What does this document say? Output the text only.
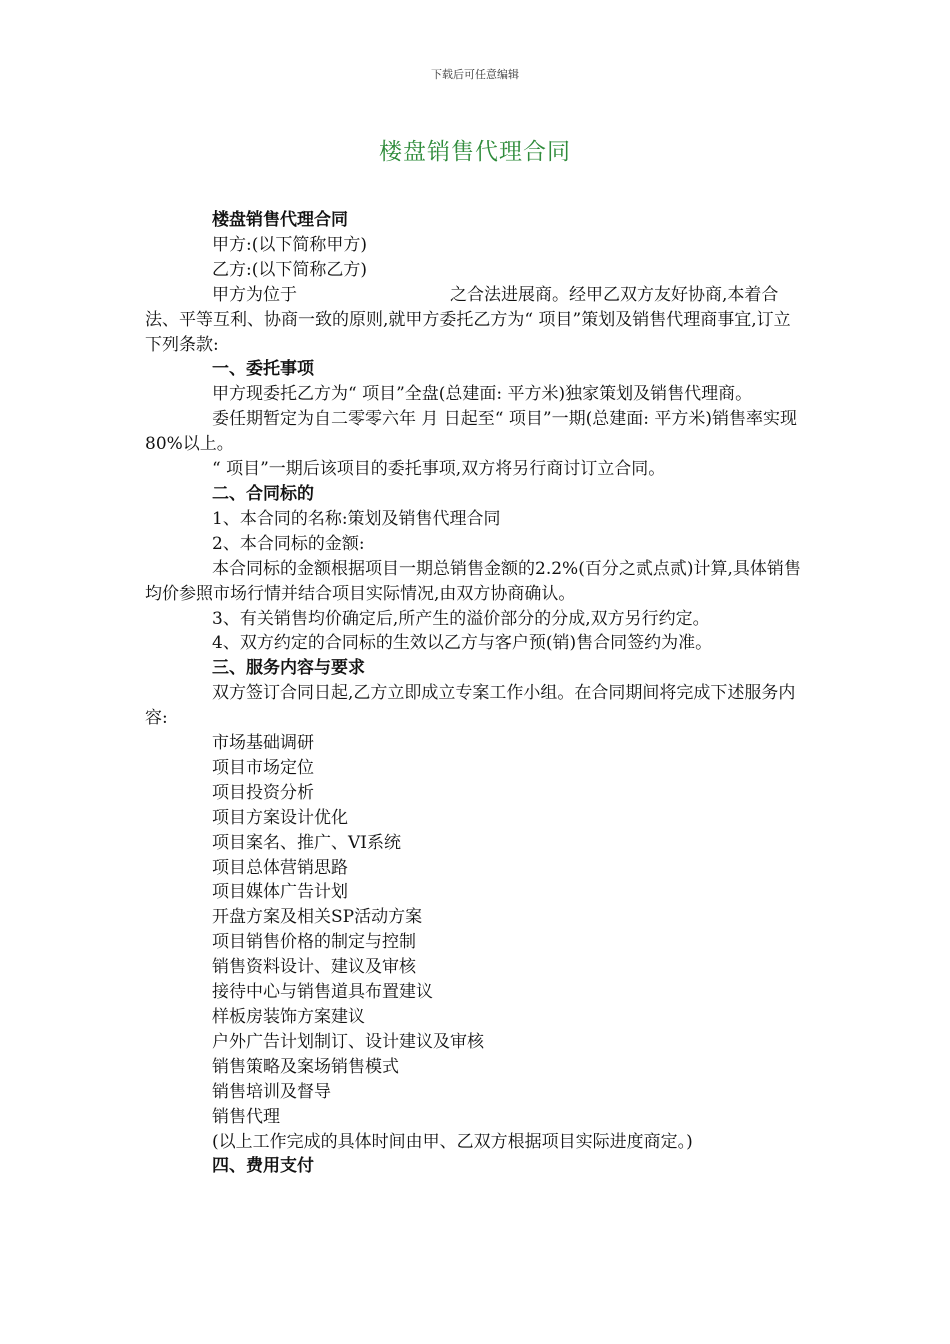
下载后可任意编辑
楼盘销售代理合同

楼盘销售代理合同

甲方:(以下简称甲方)

乙方:(以下简称乙方)

甲方为位于　　　　　　　　　之合法进展商。经甲乙双方友好协商,本着合法、平等互利、协商一致的原则,就甲方委托乙方为“ 项目”策划及销售代理商事宜,订立下列条款:

一、委托事项

甲方现委托乙方为“ 项目”全盘(总建面: 平方米)独家策划及销售代理商。

委任期暂定为自二零零六年 月 日起至“ 项目”一期(总建面: 平方米)销售率实现80%以上。

“ 项目”一期后该项目的委托事项,双方将另行商讨订立合同。

二、合同标的

1、本合同的名称:策划及销售代理合同

2、本合同标的金额:

本合同标的金额根据项目一期总销售金额的2.2%(百分之贰点贰)计算,具体销售均价参照市场行情并结合项目实际情况,由双方协商确认。

3、有关销售均价确定后,所产生的溢价部分的分成,双方另行约定。

4、双方约定的合同标的生效以乙方与客户预(销)售合同签约为准。

三、服务内容与要求

双方签订合同日起,乙方立即成立专案工作小组。在合同期间将完成下述服务内容:

市场基础调研

项目市场定位

项目投资分析

项目方案设计优化

项目案名、推广、VI系统

项目总体营销思路

项目媒体广告计划

开盘方案及相关SP活动方案

项目销售价格的制定与控制

销售资料设计、建议及审核

接待中心与销售道具布置建议

样板房装饰方案建议

户外广告计划制订、设计建议及审核

销售策略及案场销售模式

销售培训及督导

销售代理

(以上工作完成的具体时间由甲、乙双方根据项目实际进度商定。)

四、费用支付
